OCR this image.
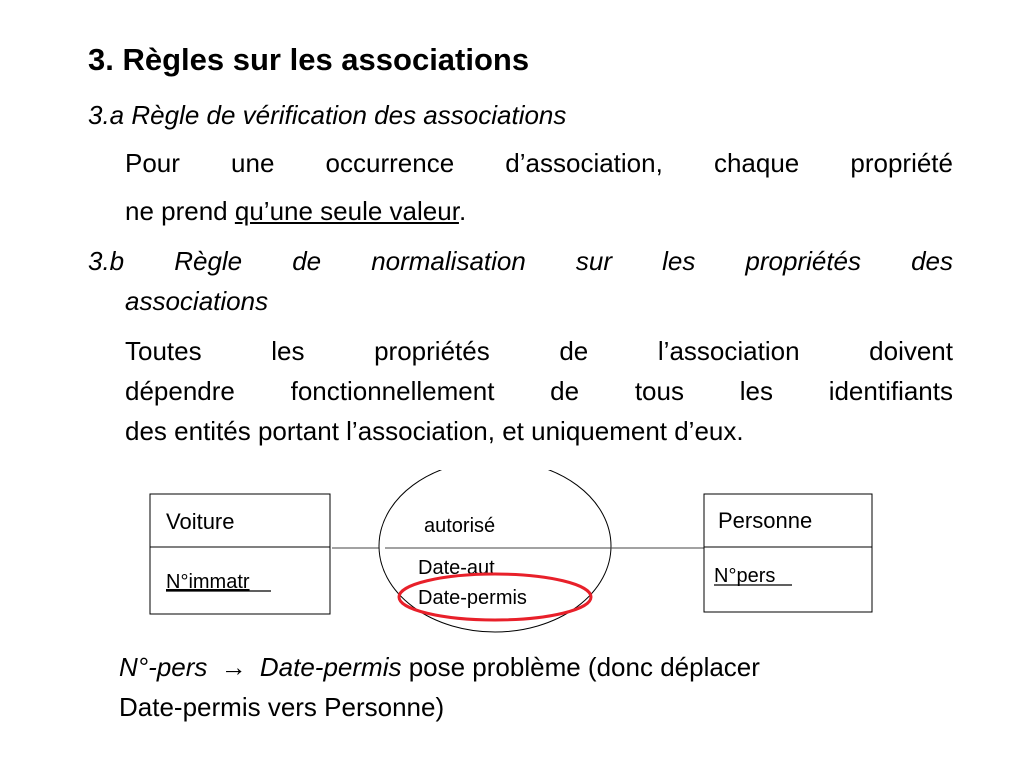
3. Règles sur les associations
3.a Règle de vérification des associations
Pour une occurrence d’association, chaque propriété
ne prend qu’une seule valeur.
3.b Règle de normalisation sur les propriétés des
associations
Toutes les propriétés de l’association doivent
dépendre fonctionnellement de tous les identifiants
des entités portant l’association, et uniquement d’eux.
Voiture
N°immatr
autorisé
Date-aut
Date-permis
Personne
N°pers
N°-pers → Date-permis pose problème (donc déplacer
Date-permis vers Personne)
